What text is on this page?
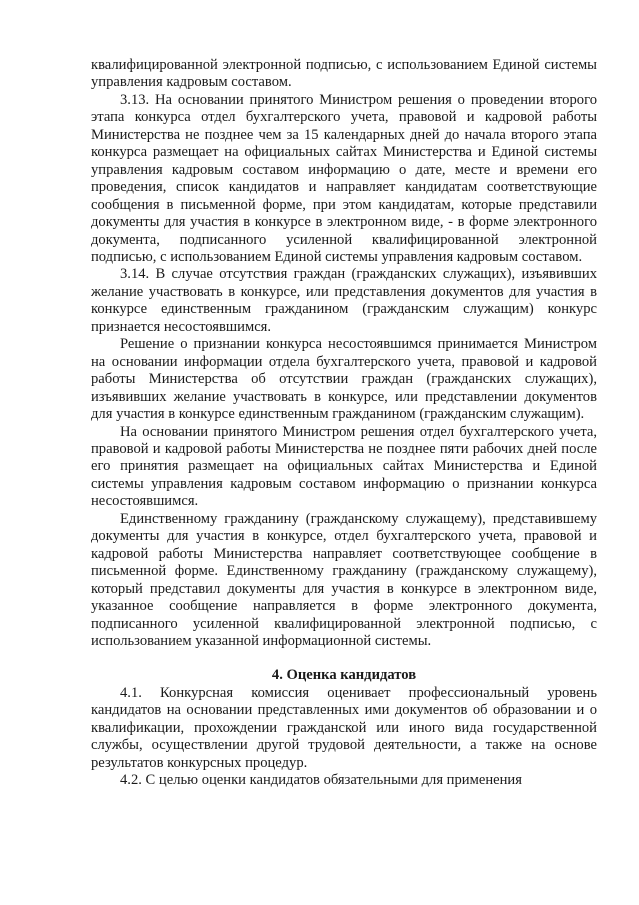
квалифицированной электронной подписью, с использованием Единой системы управления кадровым составом.

3.13. На основании принятого Министром решения о проведении второго этапа конкурса отдел бухгалтерского учета, правовой и кадровой работы Министерства не позднее чем за 15 календарных дней до начала второго этапа конкурса размещает на официальных сайтах Министерства и Единой системы управления кадровым составом информацию о дате, месте и времени его проведения, список кандидатов и направляет кандидатам соответствующие сообщения в письменной форме, при этом кандидатам, которые представили документы для участия в конкурсе в электронном виде, - в форме электронного документа, подписанного усиленной квалифицированной электронной подписью, с использованием Единой системы управления кадровым составом.

3.14. В случае отсутствия граждан (гражданских служащих), изъявивших желание участвовать в конкурсе, или представления документов для участия в конкурсе единственным гражданином (гражданским служащим) конкурс признается несостоявшимся.

Решение о признании конкурса несостоявшимся принимается Министром на основании информации отдела бухгалтерского учета, правовой и кадровой работы Министерства об отсутствии граждан (гражданских служащих), изъявивших желание участвовать в конкурсе, или представлении документов для участия в конкурсе единственным гражданином (гражданским служащим).

На основании принятого Министром решения отдел бухгалтерского учета, правовой и кадровой работы Министерства не позднее пяти рабочих дней после его принятия размещает на официальных сайтах Министерства и Единой системы управления кадровым составом информацию о признании конкурса несостоявшимся.

Единственному гражданину (гражданскому служащему), представившему документы для участия в конкурсе, отдел бухгалтерского учета, правовой и кадровой работы Министерства направляет соответствующее сообщение в письменной форме. Единственному гражданину (гражданскому служащему), который представил документы для участия в конкурсе в электронном виде, указанное сообщение направляется в форме электронного документа, подписанного усиленной квалифицированной электронной подписью, с использованием указанной информационной системы.

4. Оценка кандидатов

4.1. Конкурсная комиссия оценивает профессиональный уровень кандидатов на основании представленных ими документов об образовании и о квалификации, прохождении гражданской или иного вида государственной службы, осуществлении другой трудовой деятельности, а также на основе результатов конкурсных процедур.

4.2. С целью оценки кандидатов обязательными для применения
